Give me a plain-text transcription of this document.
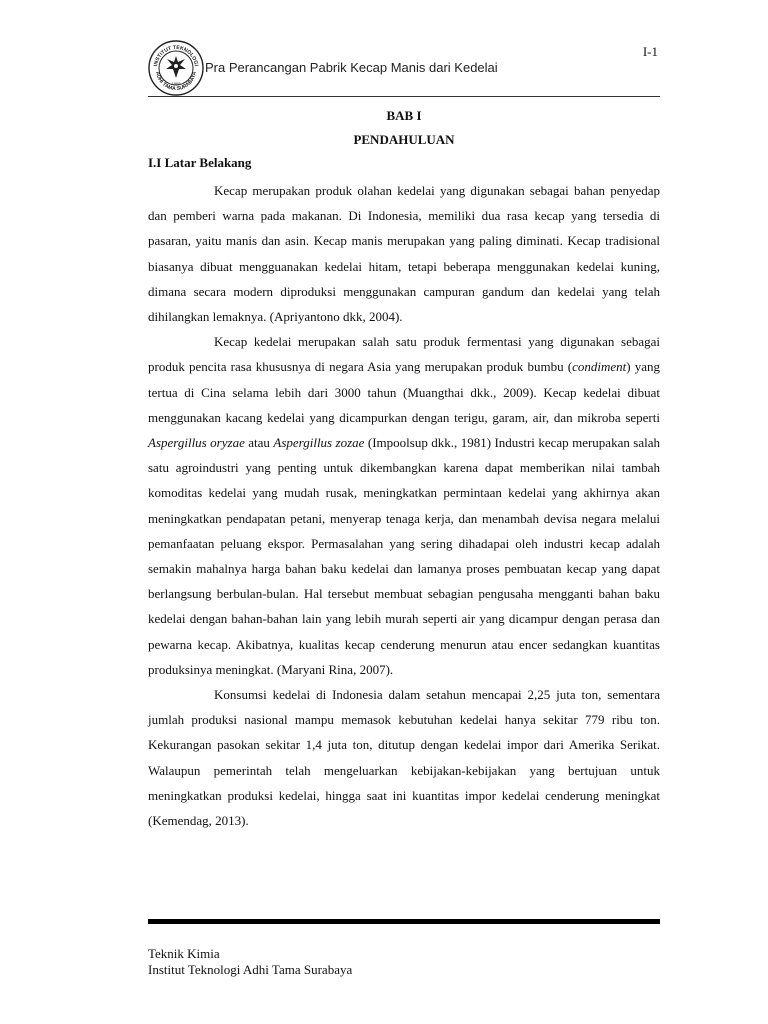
I-1
INSTITUT TEKNOLOGI
ADHI TAMA SURABAYA
1965
Pra Perancangan Pabrik Kecap Manis dari Kedelai
BAB I
PENDAHULUAN
I.I Latar Belakang

Kecap merupakan produk olahan kedelai yang digunakan sebagai bahan penyedap dan pemberi warna pada makanan. Di Indonesia, memiliki dua rasa kecap yang tersedia di pasaran, yaitu manis dan asin. Kecap manis merupakan yang paling diminati. Kecap tradisional biasanya dibuat mengguanakan kedelai hitam, tetapi beberapa menggunakan kedelai kuning, dimana secara modern diproduksi menggunakan campuran gandum dan kedelai yang telah dihilangkan lemaknya. (Apriyantono dkk, 2004).

Kecap kedelai merupakan salah satu produk fermentasi yang digunakan sebagai produk pencita rasa khususnya di negara Asia yang merupakan produk bumbu (condiment) yang tertua di Cina selama lebih dari 3000 tahun (Muangthai dkk., 2009). Kecap kedelai dibuat menggunakan kacang kedelai yang dicampurkan dengan terigu, garam, air, dan mikroba seperti Aspergillus oryzae atau Aspergillus zozae (Impoolsup dkk., 1981) Industri kecap merupakan salah satu agroindustri yang penting untuk dikembangkan karena dapat memberikan nilai tambah komoditas kedelai yang mudah rusak, meningkatkan permintaan kedelai yang akhirnya akan meningkatkan pendapatan petani, menyerap tenaga kerja, dan menambah devisa negara melalui pemanfaatan peluang ekspor. Permasalahan yang sering dihadapai oleh industri kecap adalah semakin mahalnya harga bahan baku kedelai dan lamanya proses pembuatan kecap yang dapat berlangsung berbulan-bulan. Hal tersebut membuat sebagian pengusaha mengganti bahan baku kedelai dengan bahan-bahan lain yang lebih murah seperti air yang dicampur dengan perasa dan pewarna kecap. Akibatnya, kualitas kecap cenderung menurun atau encer sedangkan kuantitas produksinya meningkat. (Maryani Rina, 2007).

Konsumsi kedelai di Indonesia dalam setahun mencapai 2,25 juta ton, sementara jumlah produksi nasional mampu memasok kebutuhan kedelai hanya sekitar 779 ribu ton. Kekurangan pasokan sekitar 1,4 juta ton, ditutup dengan kedelai impor dari Amerika Serikat. Walaupun pemerintah telah mengeluarkan kebijakan-kebijakan yang bertujuan untuk meningkatkan produksi kedelai, hingga saat ini kuantitas impor kedelai cenderung meningkat (Kemendag, 2013).

Teknik Kimia
Institut Teknologi Adhi Tama Surabaya
